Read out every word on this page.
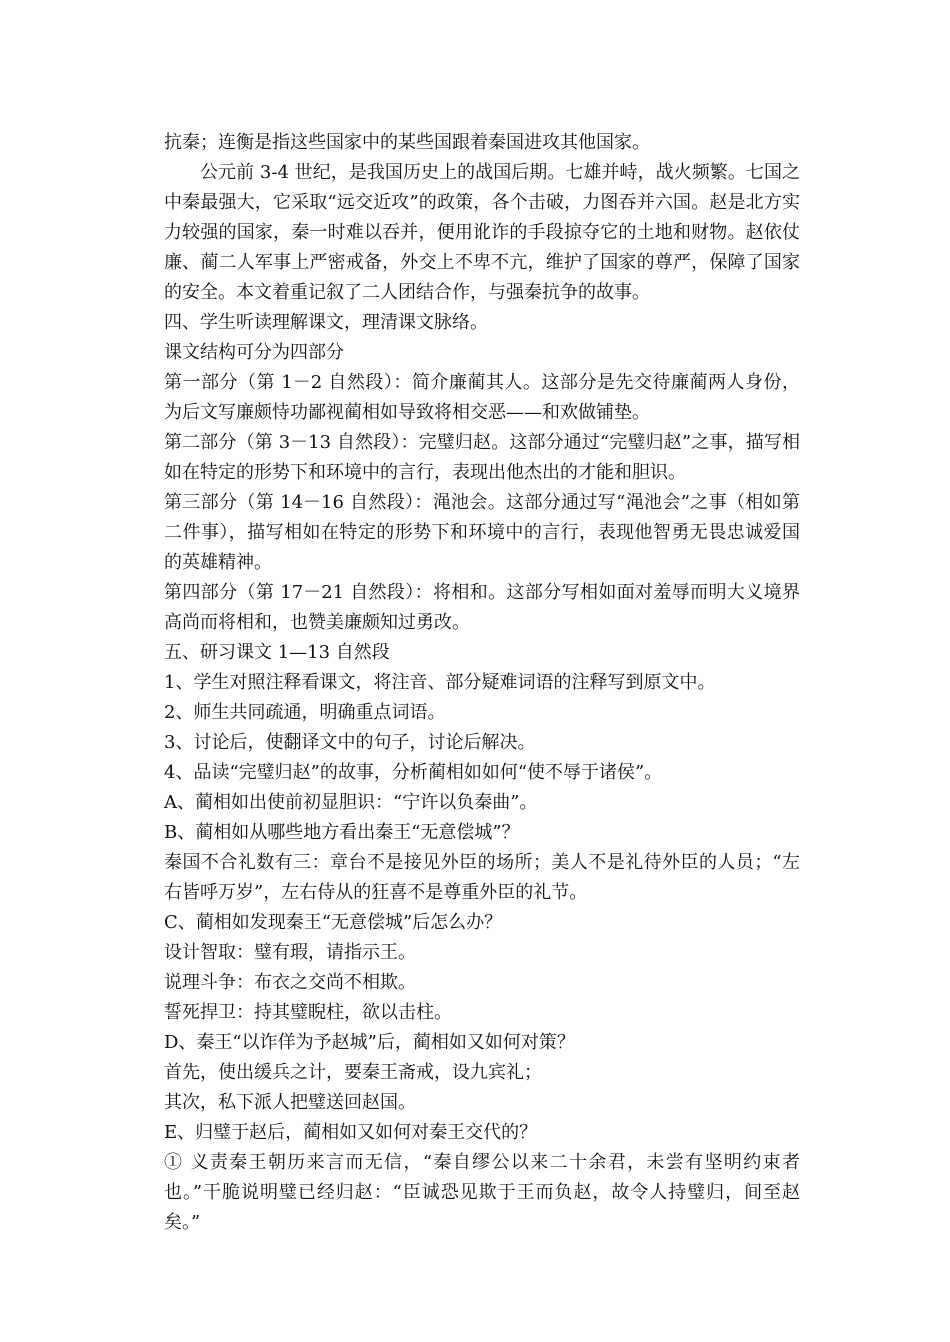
抗秦；连衡是指这些国家中的某些国跟着秦国进攻其他国家。

公元前 3-4 世纪，是我国历史上的战国后期。七雄并峙，战火频繁。七国之中秦最强大，它采取“远交近攻”的政策，各个击破，力图吞并六国。赵是北方实力较强的国家，秦一时难以吞并，便用讹诈的手段掠夺它的土地和财物。赵依仗廉、蔺二人军事上严密戒备，外交上不卑不亢，维护了国家的尊严，保障了国家的安全。本文着重记叙了二人团结合作，与强秦抗争的故事。

四、学生听读理解课文，理清课文脉络。

课文结构可分为四部分

第一部分（第 1－2 自然段）：简介廉蔺其人。这部分是先交待廉蔺两人身份，为后文写廉颇恃功鄙视蔺相如导致将相交恶——和欢做铺垫。

第二部分（第 3－13 自然段）：完璧归赵。这部分通过“完璧归赵”之事，描写相如在特定的形势下和环境中的言行，表现出他杰出的才能和胆识。

第三部分（第 14－16 自然段）：渑池会。这部分通过写“渑池会”之事（相如第二件事），描写相如在特定的形势下和环境中的言行，表现他智勇无畏忠诚爱国的英雄精神。

第四部分（第 17－21 自然段）：将相和。这部分写相如面对羞辱而明大义境界高尚而将相和，也赞美廉颇知过勇改。

五、研习课文 1—13 自然段

1、学生对照注释看课文，将注音、部分疑难词语的注释写到原文中。

2、师生共同疏通，明确重点词语。

3、讨论后，使翻译文中的句子，讨论后解决。

4、品读“完璧归赵”的故事，分析蔺相如如何“使不辱于诸侯”。

A、蔺相如出使前初显胆识：“宁许以负秦曲”。

B、蔺相如从哪些地方看出秦王“无意偿城”？

秦国不合礼数有三：章台不是接见外臣的场所；美人不是礼待外臣的人员；“左右皆呼万岁”，左右侍从的狂喜不是尊重外臣的礼节。

C、蔺相如发现秦王“无意偿城”后怎么办？

设计智取：璧有瑕，请指示王。

说理斗争：布衣之交尚不相欺。

誓死捍卫：持其璧睨柱，欲以击柱。

D、秦王“以诈佯为予赵城”后，蔺相如又如何对策？

首先，使出缓兵之计，要秦王斋戒，设九宾礼；

其次，私下派人把璧送回赵国。

E、归璧于赵后，蔺相如又如何对秦王交代的？

① 义责秦王朝历来言而无信，“秦自缪公以来二十余君，未尝有坚明约束者也。”干脆说明璧已经归赵：“臣诚恐见欺于王而负赵，故令人持璧归，间至赵矣。”
